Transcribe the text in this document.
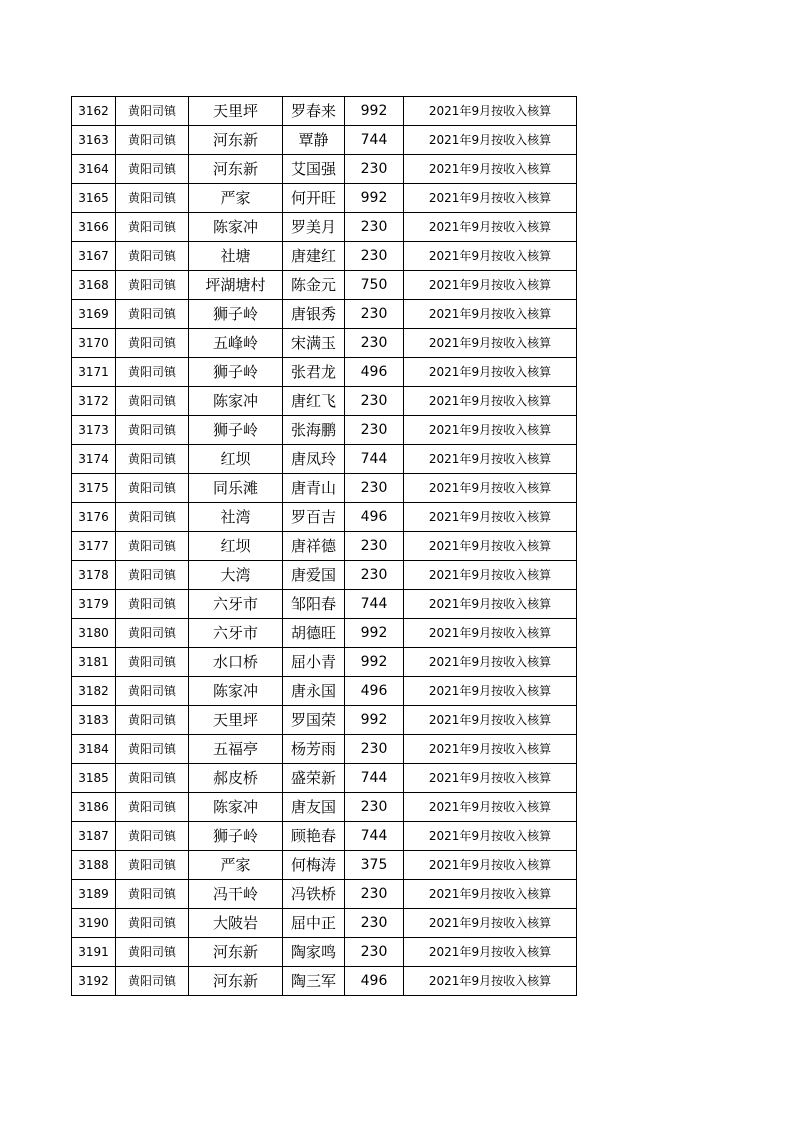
3162	黄阳司镇	天里坪	罗春来	992	2021年9月按收入核算
3163	黄阳司镇	河东新	覃静	744	2021年9月按收入核算
3164	黄阳司镇	河东新	艾国强	230	2021年9月按收入核算
3165	黄阳司镇	严家	何开旺	992	2021年9月按收入核算
3166	黄阳司镇	陈家冲	罗美月	230	2021年9月按收入核算
3167	黄阳司镇	社塘	唐建红	230	2021年9月按收入核算
3168	黄阳司镇	坪湖塘村	陈金元	750	2021年9月按收入核算
3169	黄阳司镇	狮子岭	唐银秀	230	2021年9月按收入核算
3170	黄阳司镇	五峰岭	宋满玉	230	2021年9月按收入核算
3171	黄阳司镇	狮子岭	张君龙	496	2021年9月按收入核算
3172	黄阳司镇	陈家冲	唐红飞	230	2021年9月按收入核算
3173	黄阳司镇	狮子岭	张海鹏	230	2021年9月按收入核算
3174	黄阳司镇	红坝	唐凤玲	744	2021年9月按收入核算
3175	黄阳司镇	同乐滩	唐青山	230	2021年9月按收入核算
3176	黄阳司镇	社湾	罗百吉	496	2021年9月按收入核算
3177	黄阳司镇	红坝	唐祥德	230	2021年9月按收入核算
3178	黄阳司镇	大湾	唐爱国	230	2021年9月按收入核算
3179	黄阳司镇	六牙市	邹阳春	744	2021年9月按收入核算
3180	黄阳司镇	六牙市	胡德旺	992	2021年9月按收入核算
3181	黄阳司镇	水口桥	屈小青	992	2021年9月按收入核算
3182	黄阳司镇	陈家冲	唐永国	496	2021年9月按收入核算
3183	黄阳司镇	天里坪	罗国荣	992	2021年9月按收入核算
3184	黄阳司镇	五福亭	杨芳雨	230	2021年9月按收入核算
3185	黄阳司镇	郝皮桥	盛荣新	744	2021年9月按收入核算
3186	黄阳司镇	陈家冲	唐友国	230	2021年9月按收入核算
3187	黄阳司镇	狮子岭	顾艳春	744	2021年9月按收入核算
3188	黄阳司镇	严家	何梅涛	375	2021年9月按收入核算
3189	黄阳司镇	冯干岭	冯铁桥	230	2021年9月按收入核算
3190	黄阳司镇	大陂岩	屈中正	230	2021年9月按收入核算
3191	黄阳司镇	河东新	陶家鸣	230	2021年9月按收入核算
3192	黄阳司镇	河东新	陶三军	496	2021年9月按收入核算
